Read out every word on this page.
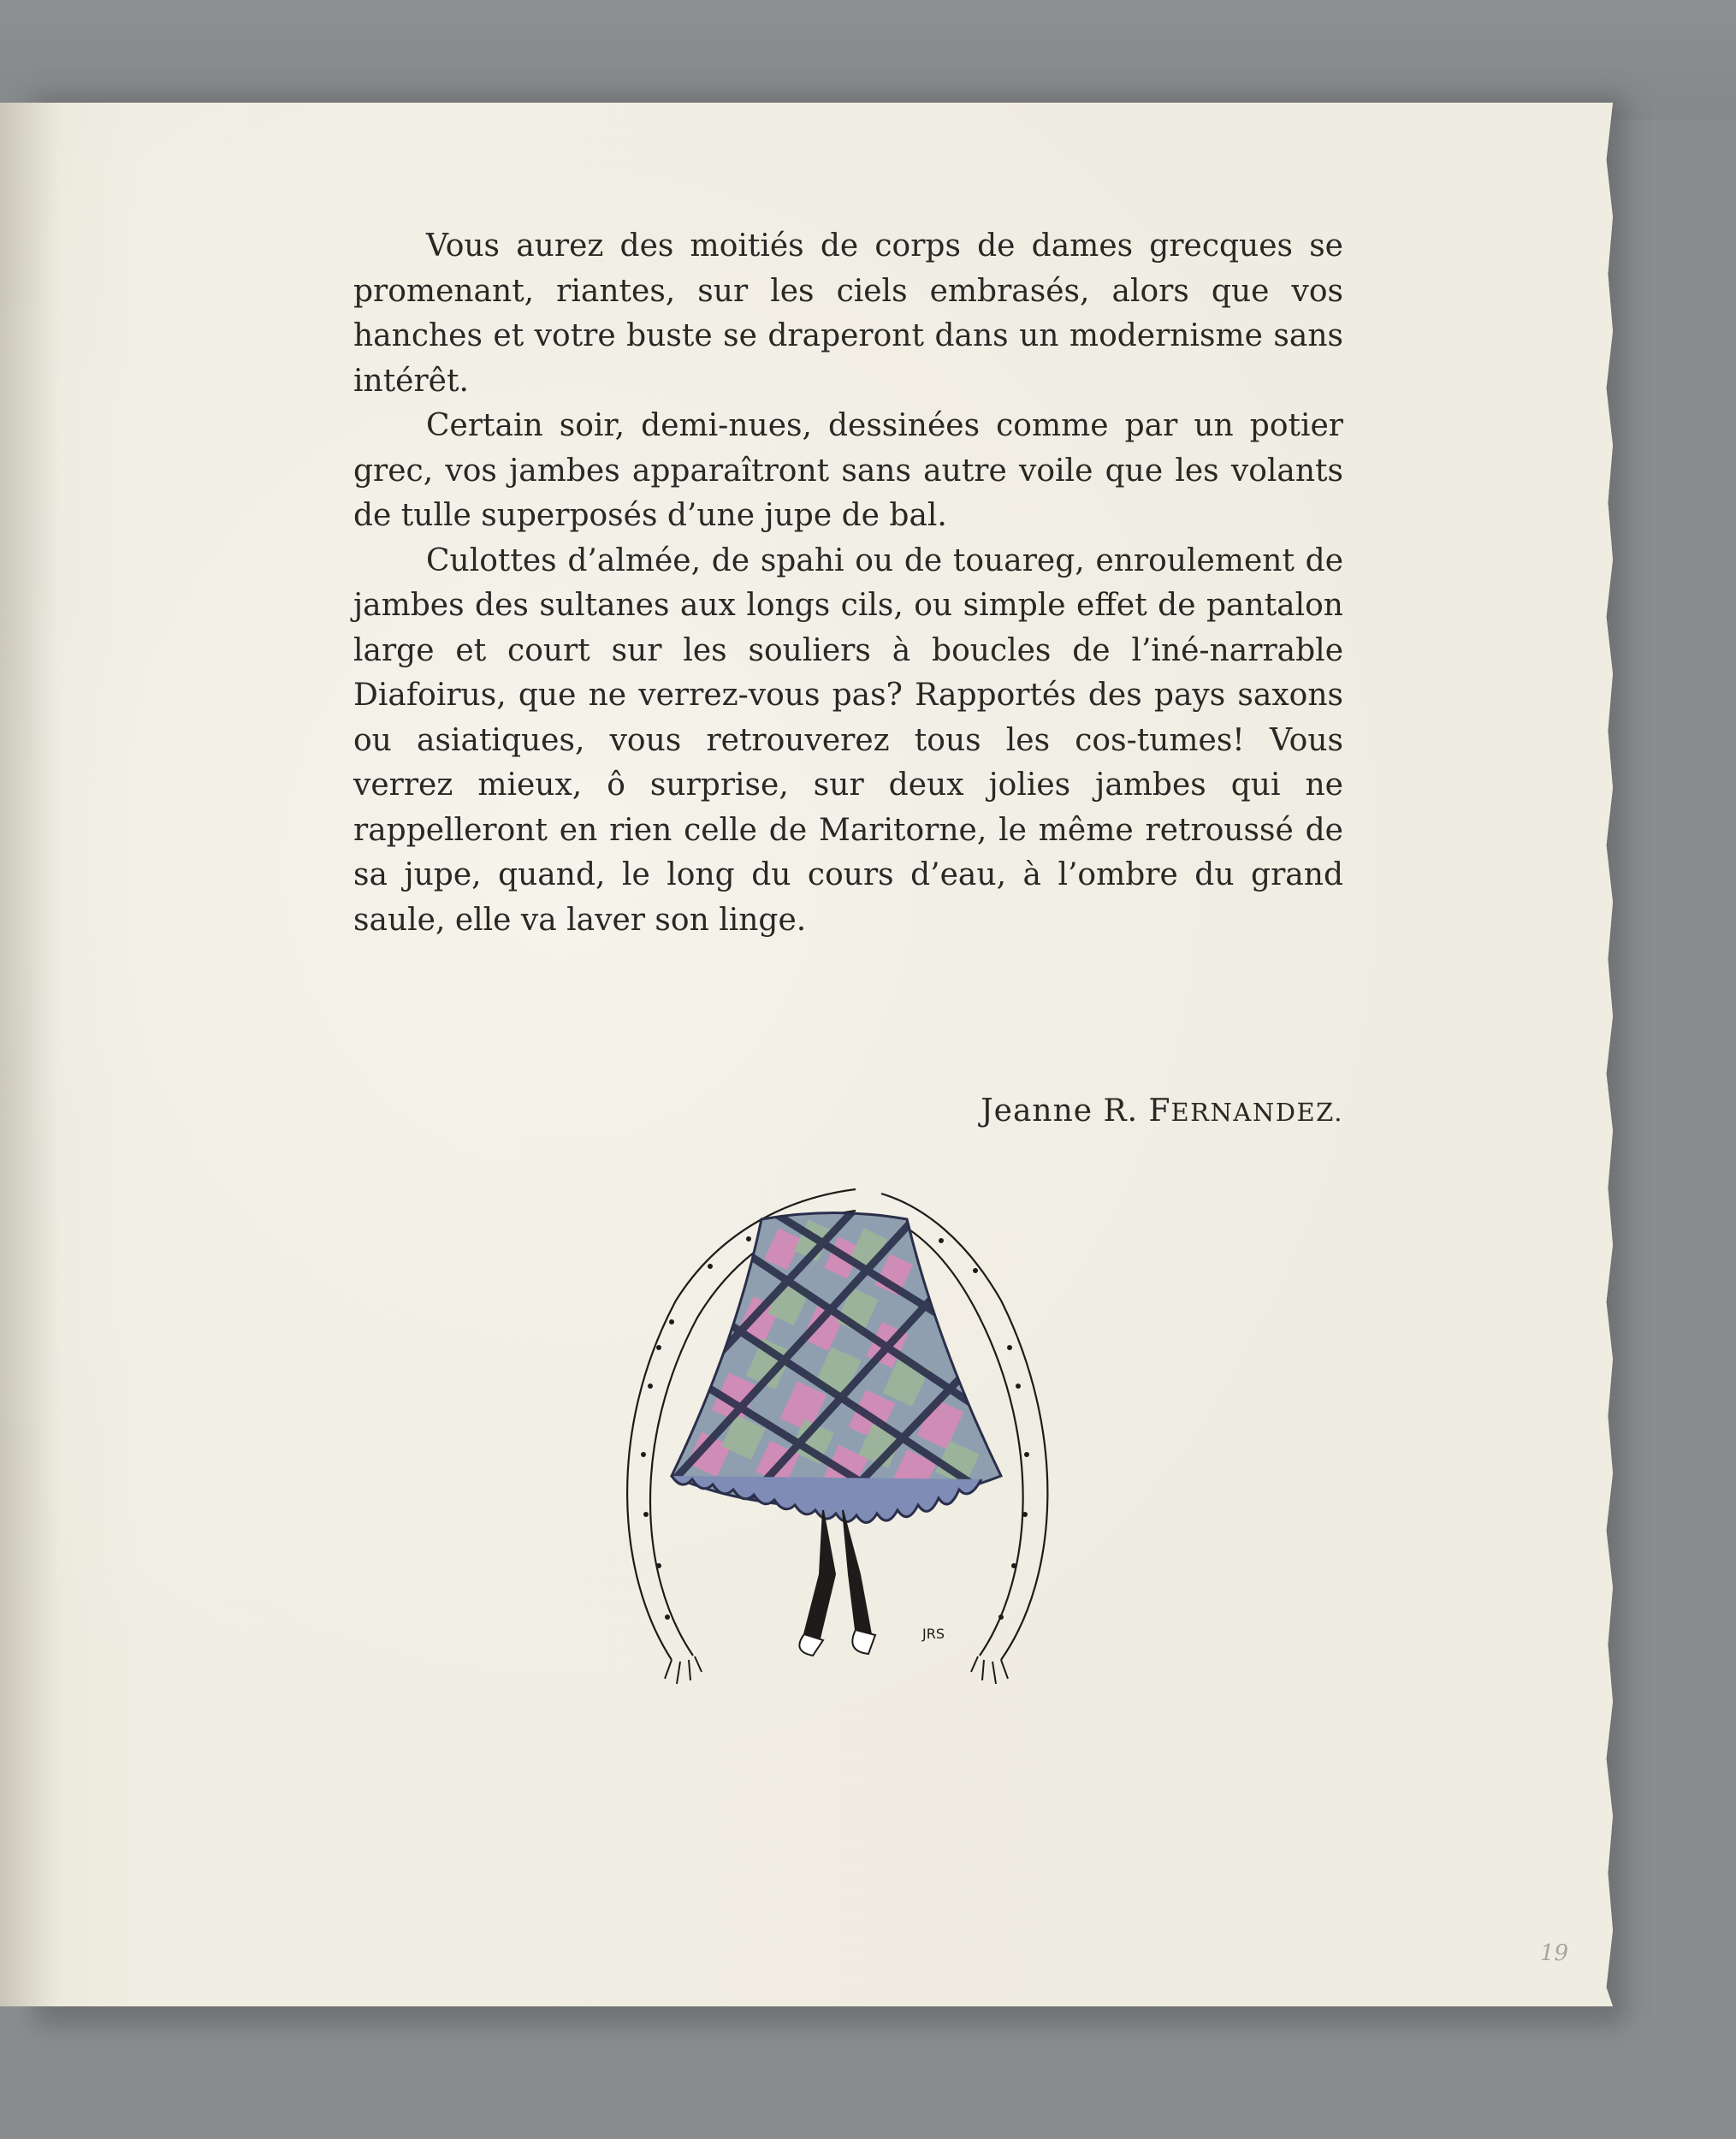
Vous aurez des moitiés de corps de dames grecques se promenant, riantes, sur les ciels embrasés, alors que vos hanches et votre buste se draperont dans un modernisme sans intérêt.

Certain soir, demi-nues, dessinées comme par un potier grec, vos jambes apparaîtront sans autre voile que les volants de tulle superposés d’une jupe de bal.

Culottes d’almée, de spahi ou de touareg, enroulement de jambes des sultanes aux longs cils, ou simple effet de pantalon large et court sur les souliers à boucles de l’iné-narrable Diafoirus, que ne verrez-vous pas? Rapportés des pays saxons ou asiatiques, vous retrouverez tous les cos-tumes! Vous verrez mieux, ô surprise, sur deux jolies jambes qui ne rappelleront en rien celle de Maritorne, le même retroussé de sa jupe, quand, le long du cours d’eau, à l’ombre du grand saule, elle va laver son linge.

Jeanne R. FERNANDEZ.
JRS
19
